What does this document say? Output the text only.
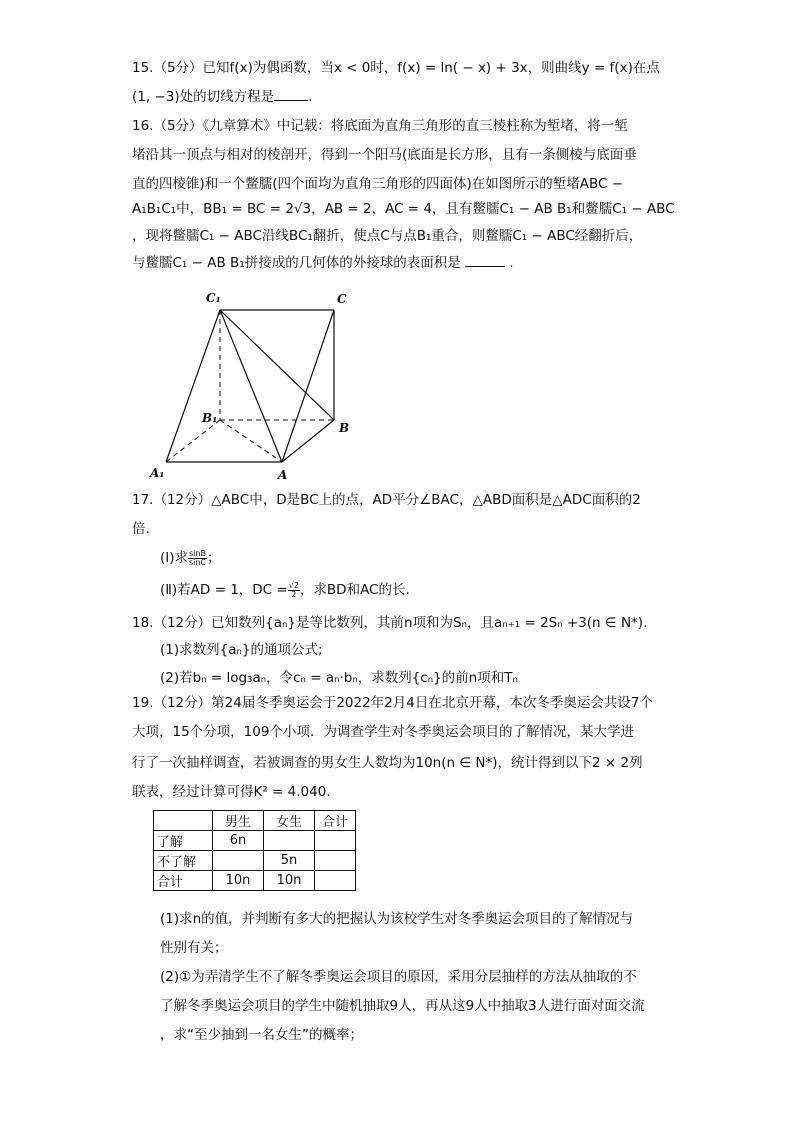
15.（5分）已知f(x)为偶函数，当x < 0时，f(x) = ln( − x) + 3x，则曲线y = f(x)在点
(1, −3)处的切线方程是	.
16.（5分）《九章算术》中记载：将底面为直角三角形的直三棱柱称为堑堵，将一堑
堵沿其一顶点与相对的棱剖开，得到一个阳马(底面是长方形，且有一条侧棱与底面垂
直的四棱锥)和一个鳖臑(四个面均为直角三角形的四面体)在如图所示的堑堵ABC −
A₁B₁C₁中，BB₁ = BC = 2√3，AB = 2，AC = 4，且有鳖臑C₁ − AB B₁和鳖臑C₁ − ABC
，现将鳖臑C₁ − ABC沿线BC₁翻折，使点C与点B₁重合，则鳖臑C₁ − ABC经翻折后，
与鳖臑C₁ − AB B₁拼接成的几何体的外接球的表面积是	.
C₁	C
B₁
B
A₁	A
17.（12分）△ABC中，D是BC上的点，AD平分∠BAC，△ABD面积是△ADC面积的2
倍.
(Ⅰ)求 $\frac{\sin B}{\sin C}$ ；
(Ⅱ)若AD = 1，DC = $\frac{√2}{2}$ ，求BD和AC的长.
18.（12分）已知数列{aₙ}是等比数列，其前n项和为Sₙ，且aₙ₊₁ = 2Sₙ +3(n ∈ N*).
(1)求数列{aₙ}的通项公式;
(2)若bₙ = log₃aₙ，令cₙ = aₙ·bₙ，求数列{cₙ}的前n项和Tₙ
19.（12分）第24届冬季奥运会于2022年2月4日在北京开幕，本次冬季奥运会共设7个
大项，15个分项，109个小项．为调查学生对冬季奥运会项目的了解情况，某大学进
行了一次抽样调查，若被调查的男女生人数均为10n(n ∈ N*)，统计得到以下2 × 2列
联表，经过计算可得K² = 4.040.
	男生	女生	合计
了解	6n		
不了解		5n	
合计	10n	10n	
(1)求n的值，并判断有多大的把握认为该校学生对冬季奥运会项目的了解情况与
性别有关；
(2)①为弄清学生不了解冬季奥运会项目的原因，采用分层抽样的方法从抽取的不
了解冬季奥运会项目的学生中随机抽取9人，再从这9人中抽取3人进行面对面交流
，求“至少抽到一名女生”的概率；
